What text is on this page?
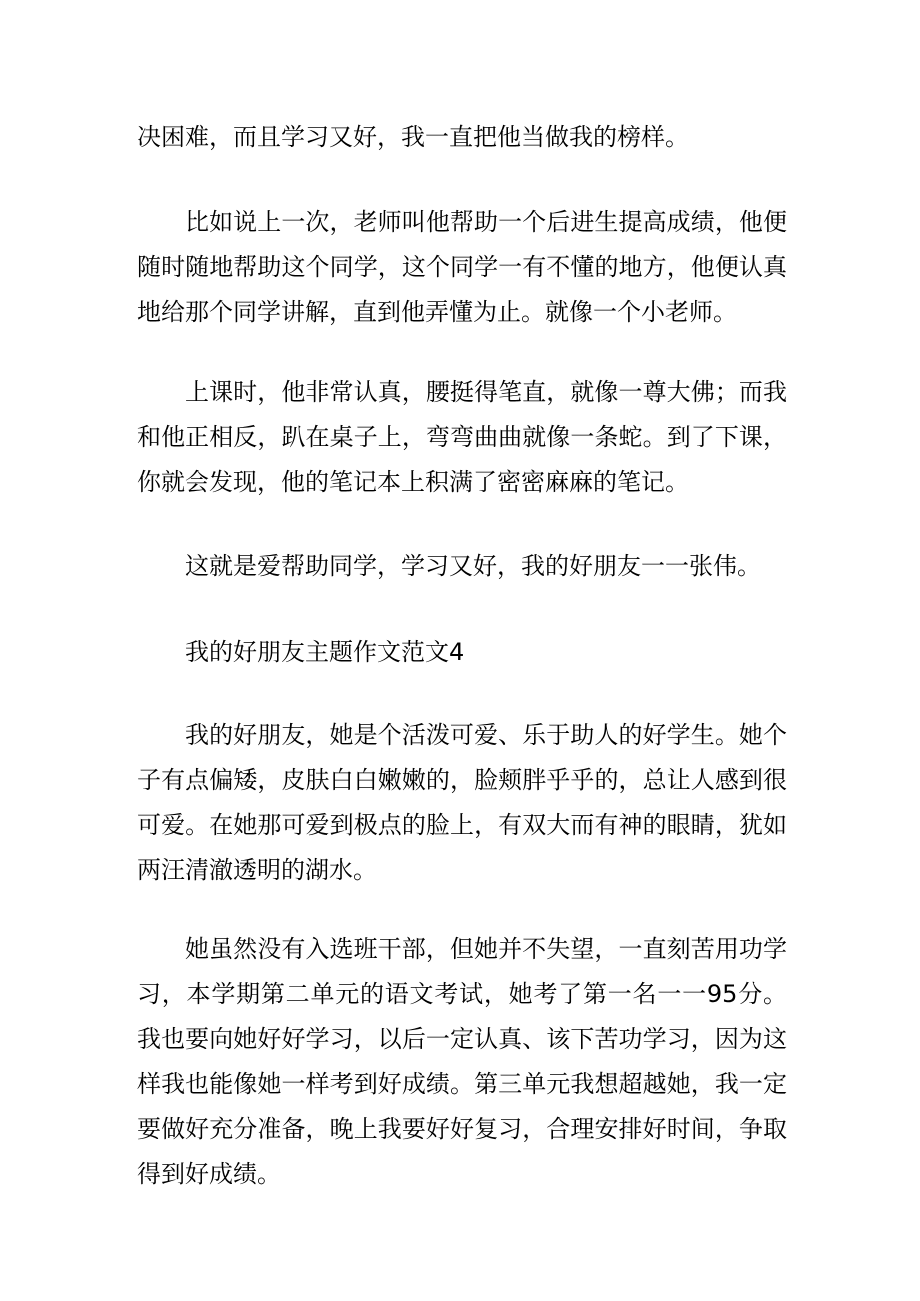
决困难，而且学习又好，我一直把他当做我的榜样。

比如说上一次，老师叫他帮助一个后进生提高成绩，他便随时随地帮助这个同学，这个同学一有不懂的地方，他便认真地给那个同学讲解，直到他弄懂为止。就像一个小老师。

上课时，他非常认真，腰挺得笔直，就像一尊大佛；而我和他正相反，趴在桌子上，弯弯曲曲就像一条蛇。到了下课，你就会发现，他的笔记本上积满了密密麻麻的笔记。

这就是爱帮助同学，学习又好，我的好朋友一一张伟。

我的好朋友主题作文范文4

我的好朋友，她是个活泼可爱、乐于助人的好学生。她个子有点偏矮，皮肤白白嫩嫩的，脸颊胖乎乎的，总让人感到很可爱。在她那可爱到极点的脸上，有双大而有神的眼睛，犹如两汪清澈透明的湖水。

她虽然没有入选班干部，但她并不失望，一直刻苦用功学习，本学期第二单元的语文考试，她考了第一名一一95分。我也要向她好好学习，以后一定认真、该下苦功学习，因为这样我也能像她一样考到好成绩。第三单元我想超越她，我一定要做好充分准备，晚上我要好好复习，合理安排好时间，争取得到好成绩。
